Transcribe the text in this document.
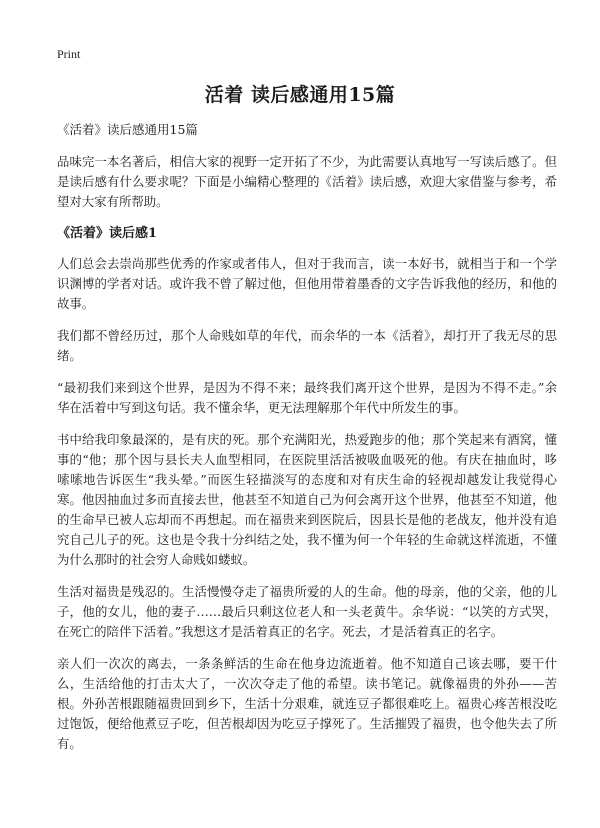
Print
活着 读后感通用15篇

《活着》读后感通用15篇

品味完一本名著后，相信大家的视野一定开拓了不少，为此需要认真地写一写读后感了。但是读后感有什么要求呢？下面是小编精心整理的《活着》读后感，欢迎大家借鉴与参考，希望对大家有所帮助。

《活着》读后感1

人们总会去崇尚那些优秀的作家或者伟人，但对于我而言，读一本好书，就相当于和一个学识渊博的学者对话。或许我不曾了解过他，但他用带着墨香的文字告诉我他的经历，和他的故事。

我们都不曾经历过，那个人命贱如草的年代，而余华的一本《活着》，却打开了我无尽的思绪。

“最初我们来到这个世界，是因为不得不来；最终我们离开这个世界，是因为不得不走。”余华在活着中写到这句话。我不懂余华，更无法理解那个年代中所发生的事。

书中给我印象最深的，是有庆的死。那个充满阳光，热爱跑步的他；那个笑起来有酒窝，懂事的“他；那个因与县长夫人血型相同，在医院里活活被吸血吸死的他。有庆在抽血时，哆嗦嗦地告诉医生“我头晕。”而医生轻描淡写的态度和对有庆生命的轻视却越发让我觉得心寒。他因抽血过多而直接去世，他甚至不知道自己为何会离开这个世界，他甚至不知道，他的生命早已被人忘却而不再想起。而在福贵来到医院后，因县长是他的老战友，他并没有追究自己儿子的死。这也是令我十分纠结之处，我不懂为何一个年轻的生命就这样流逝，不懂为什么那时的社会穷人命贱如蝼蚁。

生活对福贵是残忍的。生活慢慢夺走了福贵所爱的人的生命。他的母亲，他的父亲，他的儿子，他的女儿，他的妻子……最后只剩这位老人和一头老黄牛。余华说：“以笑的方式哭，在死亡的陪伴下活着。”我想这才是活着真正的名字。死去，才是活着真正的名字。

亲人们一次次的离去，一条条鲜活的生命在他身边流逝着。他不知道自己该去哪，要干什么，生活给他的打击太大了，一次次夺走了他的希望。读书笔记。就像福贵的外孙——苦根。外孙苦根跟随福贵回到乡下，生活十分艰难，就连豆子都很难吃上。福贵心疼苦根没吃过饱饭，便给他煮豆子吃，但苦根却因为吃豆子撑死了。生活摧毁了福贵，也令他失去了所有。
